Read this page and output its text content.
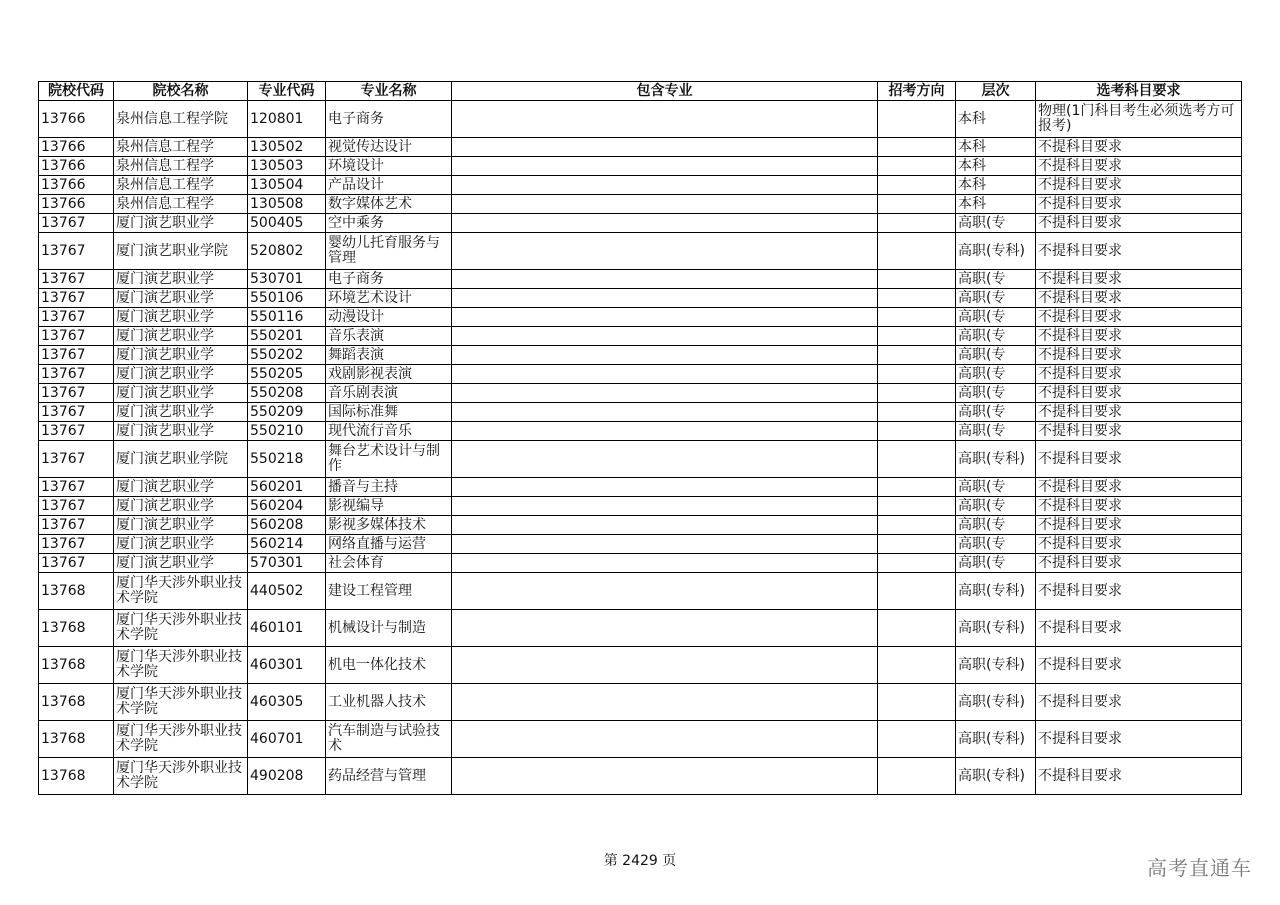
院校代码	院校名称	专业代码	专业名称	包含专业	招考方向	层次	选考科目要求
13766	泉州信息工程学院	120801	电子商务			本科	物理(1门科目考生必须选考方可报考)
13766	泉州信息工程学	130502	视觉传达设计			本科	不提科目要求
13766	泉州信息工程学	130503	环境设计			本科	不提科目要求
13766	泉州信息工程学	130504	产品设计			本科	不提科目要求
13766	泉州信息工程学	130508	数字媒体艺术			本科	不提科目要求
13767	厦门演艺职业学	500405	空中乘务			高职(专	不提科目要求
13767	厦门演艺职业学院	520802	婴幼儿托育服务与管理			高职(专科)	不提科目要求
13767	厦门演艺职业学	530701	电子商务			高职(专	不提科目要求
13767	厦门演艺职业学	550106	环境艺术设计			高职(专	不提科目要求
13767	厦门演艺职业学	550116	动漫设计			高职(专	不提科目要求
13767	厦门演艺职业学	550201	音乐表演			高职(专	不提科目要求
13767	厦门演艺职业学	550202	舞蹈表演			高职(专	不提科目要求
13767	厦门演艺职业学	550205	戏剧影视表演			高职(专	不提科目要求
13767	厦门演艺职业学	550208	音乐剧表演			高职(专	不提科目要求
13767	厦门演艺职业学	550209	国际标准舞			高职(专	不提科目要求
13767	厦门演艺职业学	550210	现代流行音乐			高职(专	不提科目要求
13767	厦门演艺职业学院	550218	舞台艺术设计与制作			高职(专科)	不提科目要求
13767	厦门演艺职业学	560201	播音与主持			高职(专	不提科目要求
13767	厦门演艺职业学	560204	影视编导			高职(专	不提科目要求
13767	厦门演艺职业学	560208	影视多媒体技术			高职(专	不提科目要求
13767	厦门演艺职业学	560214	网络直播与运营			高职(专	不提科目要求
13767	厦门演艺职业学	570301	社会体育			高职(专	不提科目要求
13768	厦门华天涉外职业技术学院	440502	建设工程管理			高职(专科)	不提科目要求
13768	厦门华天涉外职业技术学院	460101	机械设计与制造			高职(专科)	不提科目要求
13768	厦门华天涉外职业技术学院	460301	机电一体化技术			高职(专科)	不提科目要求
13768	厦门华天涉外职业技术学院	460305	工业机器人技术			高职(专科)	不提科目要求
13768	厦门华天涉外职业技术学院	460701	汽车制造与试验技术			高职(专科)	不提科目要求
13768	厦门华天涉外职业技术学院	490208	药品经营与管理			高职(专科)	不提科目要求
第 2429 页	高考直通车
